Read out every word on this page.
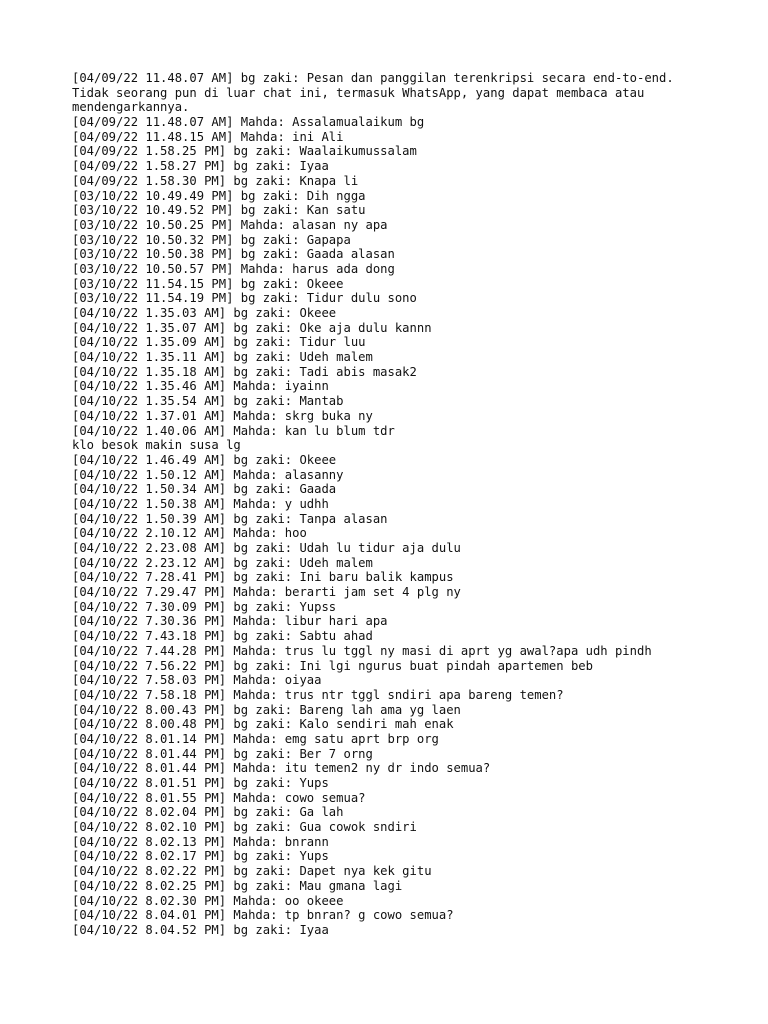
[04/09/22 11.48.07 AM] bg zaki: Pesan dan panggilan terenkripsi secara end-to-end.
Tidak seorang pun di luar chat ini, termasuk WhatsApp, yang dapat membaca atau
mendengarkannya.
[04/09/22 11.48.07 AM] Mahda: Assalamualaikum bg
[04/09/22 11.48.15 AM] Mahda: ini Ali
[04/09/22 1.58.25 PM] bg zaki: Waalaikumussalam
[04/09/22 1.58.27 PM] bg zaki: Iyaa
[04/09/22 1.58.30 PM] bg zaki: Knapa li
[03/10/22 10.49.49 PM] bg zaki: Dih ngga
[03/10/22 10.49.52 PM] bg zaki: Kan satu
[03/10/22 10.50.25 PM] Mahda: alasan ny apa
[03/10/22 10.50.32 PM] bg zaki: Gapapa
[03/10/22 10.50.38 PM] bg zaki: Gaada alasan
[03/10/22 10.50.57 PM] Mahda: harus ada dong
[03/10/22 11.54.15 PM] bg zaki: Okeee
[03/10/22 11.54.19 PM] bg zaki: Tidur dulu sono
[04/10/22 1.35.03 AM] bg zaki: Okeee
[04/10/22 1.35.07 AM] bg zaki: Oke aja dulu kannn
[04/10/22 1.35.09 AM] bg zaki: Tidur luu
[04/10/22 1.35.11 AM] bg zaki: Udeh malem
[04/10/22 1.35.18 AM] bg zaki: Tadi abis masak2
[04/10/22 1.35.46 AM] Mahda: iyainn
[04/10/22 1.35.54 AM] bg zaki: Mantab
[04/10/22 1.37.01 AM] Mahda: skrg buka ny
[04/10/22 1.40.06 AM] Mahda: kan lu blum tdr
klo besok makin susa lg
[04/10/22 1.46.49 AM] bg zaki: Okeee
[04/10/22 1.50.12 AM] Mahda: alasanny
[04/10/22 1.50.34 AM] bg zaki: Gaada
[04/10/22 1.50.38 AM] Mahda: y udhh
[04/10/22 1.50.39 AM] bg zaki: Tanpa alasan
[04/10/22 2.10.12 AM] Mahda: hoo
[04/10/22 2.23.08 AM] bg zaki: Udah lu tidur aja dulu
[04/10/22 2.23.12 AM] bg zaki: Udeh malem
[04/10/22 7.28.41 PM] bg zaki: Ini baru balik kampus
[04/10/22 7.29.47 PM] Mahda: berarti jam set 4 plg ny
[04/10/22 7.30.09 PM] bg zaki: Yupss
[04/10/22 7.30.36 PM] Mahda: libur hari apa
[04/10/22 7.43.18 PM] bg zaki: Sabtu ahad
[04/10/22 7.44.28 PM] Mahda: trus lu tggl ny masi di aprt yg awal?apa udh pindh
[04/10/22 7.56.22 PM] bg zaki: Ini lgi ngurus buat pindah apartemen beb
[04/10/22 7.58.03 PM] Mahda: oiyaa
[04/10/22 7.58.18 PM] Mahda: trus ntr tggl sndiri apa bareng temen?
[04/10/22 8.00.43 PM] bg zaki: Bareng lah ama yg laen
[04/10/22 8.00.48 PM] bg zaki: Kalo sendiri mah enak
[04/10/22 8.01.14 PM] Mahda: emg satu aprt brp org
[04/10/22 8.01.44 PM] bg zaki: Ber 7 orng
[04/10/22 8.01.44 PM] Mahda: itu temen2 ny dr indo semua?
[04/10/22 8.01.51 PM] bg zaki: Yups
[04/10/22 8.01.55 PM] Mahda: cowo semua?
[04/10/22 8.02.04 PM] bg zaki: Ga lah
[04/10/22 8.02.10 PM] bg zaki: Gua cowok sndiri
[04/10/22 8.02.13 PM] Mahda: bnrann
[04/10/22 8.02.17 PM] bg zaki: Yups
[04/10/22 8.02.22 PM] bg zaki: Dapet nya kek gitu
[04/10/22 8.02.25 PM] bg zaki: Mau gmana lagi
[04/10/22 8.02.30 PM] Mahda: oo okeee
[04/10/22 8.04.01 PM] Mahda: tp bnran? g cowo semua?
[04/10/22 8.04.52 PM] bg zaki: Iyaa
